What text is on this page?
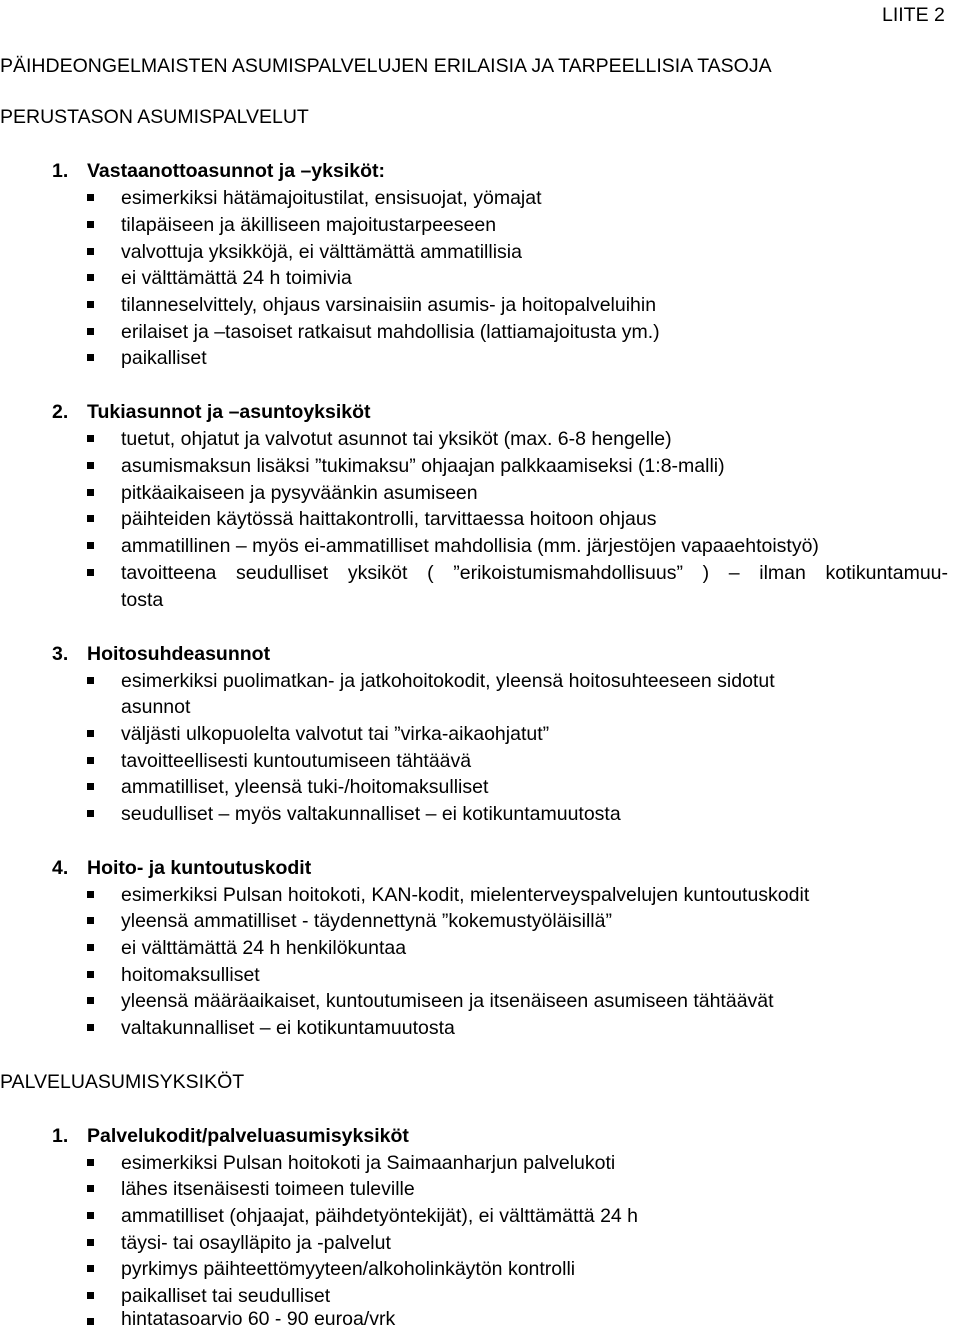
LIITE 2
PÄIHDEONGELMAISTEN ASUMISPALVELUJEN ERILAISIA JA TARPEELLISIA TASOJA
PERUSTASON ASUMISPALVELUT
1. Vastaanottoasunnot ja –yksiköt:
esimerkiksi hätämajoitustilat, ensisuojat, yömajat
tilapäiseen ja äkilliseen majoitustarpeeseen
valvottuja yksikköjä, ei välttämättä ammatillisia
ei välttämättä 24 h toimivia
tilanneselvittely, ohjaus varsinaisiin asumis- ja hoitopalveluihin
erilaiset ja –tasoiset ratkaisut mahdollisia (lattiamajoitusta ym.)
paikalliset
2. Tukiasunnot ja –asuntoyksiköt
tuetut, ohjatut ja valvotut asunnot tai yksiköt (max. 6-8 hengelle)
asumismaksun lisäksi ”tukimaksu” ohjaajan palkkaamiseksi (1:8-malli)
pitkäaikaiseen ja pysyväänkin asumiseen
päihteiden käytössä haittakontrolli, tarvittaessa hoitoon ohjaus
ammatillinen – myös ei-ammatilliset mahdollisia (mm. järjestöjen vapaaehtoistyö)
tavoitteena seudulliset yksiköt ( ”erikoistumismahdollisuus” ) – ilman kotikuntamuu-
tosta
3. Hoitosuhdeasunnot
esimerkiksi puolimatkan- ja jatkohoitokodit, yleensä hoitosuhteeseen sidotut
asunnot
väljästi ulkopuolelta valvotut tai ”virka-aikaohjatut”
tavoitteellisesti kuntoutumiseen tähtäävä
ammatilliset, yleensä tuki-/hoitomaksulliset
seudulliset – myös valtakunnalliset – ei kotikuntamuutosta
4. Hoito- ja kuntoutuskodit
esimerkiksi Pulsan hoitokoti, KAN-kodit, mielenterveyspalvelujen kuntoutuskodit
yleensä ammatilliset - täydennettynä ”kokemustyöläisillä”
ei välttämättä 24 h henkilökuntaa
hoitomaksulliset
yleensä määräaikaiset, kuntoutumiseen ja itsenäiseen asumiseen tähtäävät
valtakunnalliset – ei kotikuntamuutosta
PALVELUASUMISYKSIKÖT
1. Palvelukodit/palveluasumisyksiköt
esimerkiksi Pulsan hoitokoti ja Saimaanharjun palvelukoti
lähes itsenäisesti toimeen tuleville
ammatilliset (ohjaajat, päihdetyöntekijät), ei välttämättä 24 h
täysi- tai osaylläpito ja -palvelut
pyrkimys päihteettömyyteen/alkoholinkäytön kontrolli
paikalliset tai seudulliset
hintatasoarvio 60 - 90 euroa/vrk
